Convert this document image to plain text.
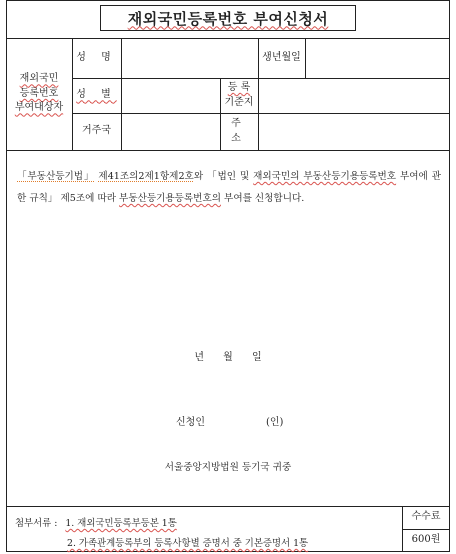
재외국민등록번호 부여신청서
재외국민
등록번호
부여대상자
성 명	생년월일
성 별
등 록
기준지
거주국
주 소
「부동산등기법」 제41조의2제1항제2호와 「법인 및 재외국민의 부동산등기용등록번호 부여에 관한 규칙」 제5조에 따라 부동산등기용등록번호의 부여를 신청합니다.
년 월 일
신청인	(인)
서울중앙지방법원 등기국 귀중
첨부서류 : 1. 재외국민등록부등본 1통
2. 가족관계등록부의 등록사항별 증명서 중 기본증명서 1통
수수료
600원
